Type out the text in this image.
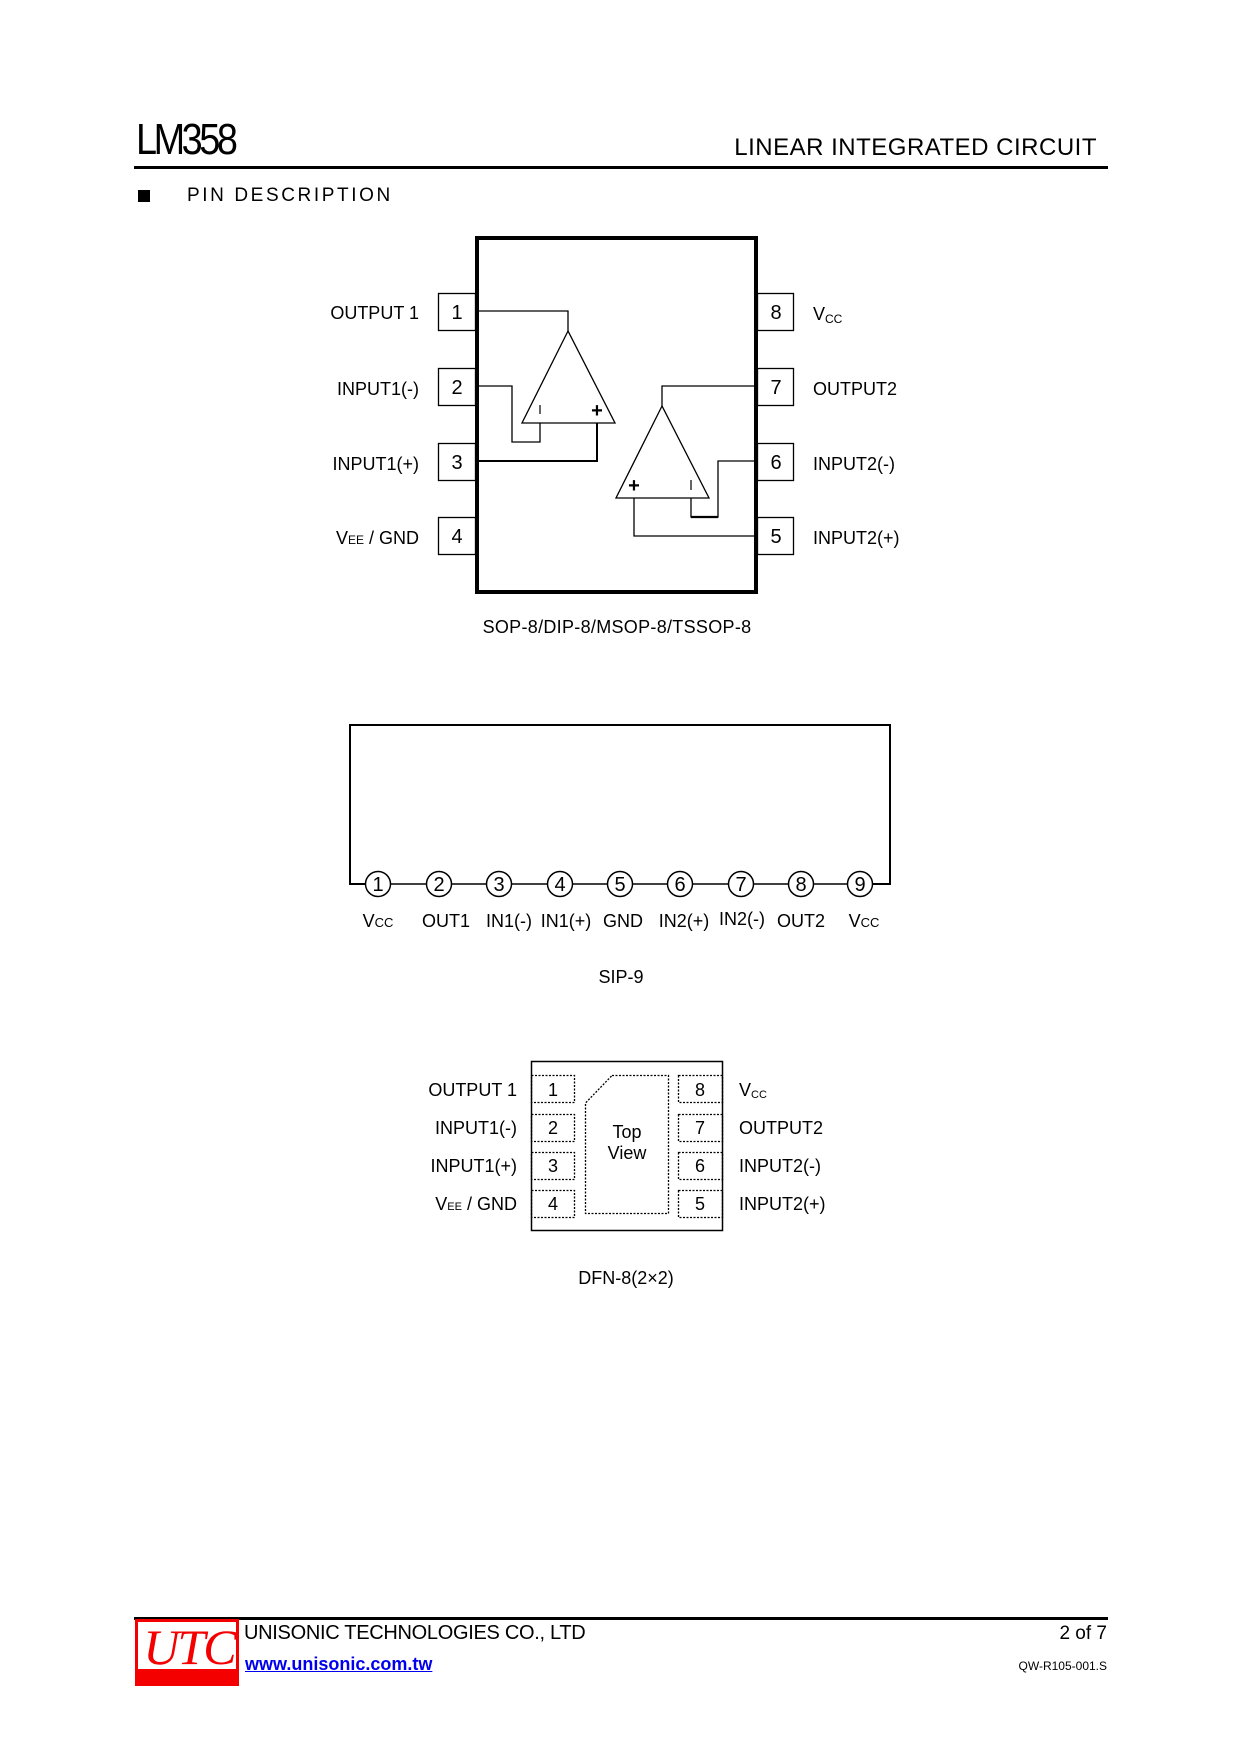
LM358	LINEAR INTEGRATED CIRCUIT
PIN DESCRIPTION
1
OUTPUT 1
2
INPUT1(-)
3
INPUT1(+)
4
VEE / GND
8 VCC
7 OUTPUT2
6 INPUT2(-)
5 INPUT2(+)
+
+
SOP-8/DIP-8/MSOP-8/TSSOP-8
1
VCC
2
OUT1
3
IN1(-)
4
IN1(+)
5
GND
6
IN2(+)
7
IN2(-)
8
OUT2
9
VCC
SIP-9
Top
View
1
2
3
4
8
7
6
5
OUTPUT 1
INPUT1(-)
INPUT1(+)
VEE / GND
VCC
OUTPUT2
INPUT2(-)
INPUT2(+)
DFN-8(2×2)
UTC UNISONIC TECHNOLOGIES CO., LTD
www.unisonic.com.tw
2 of 7
QW-R105-001.S
